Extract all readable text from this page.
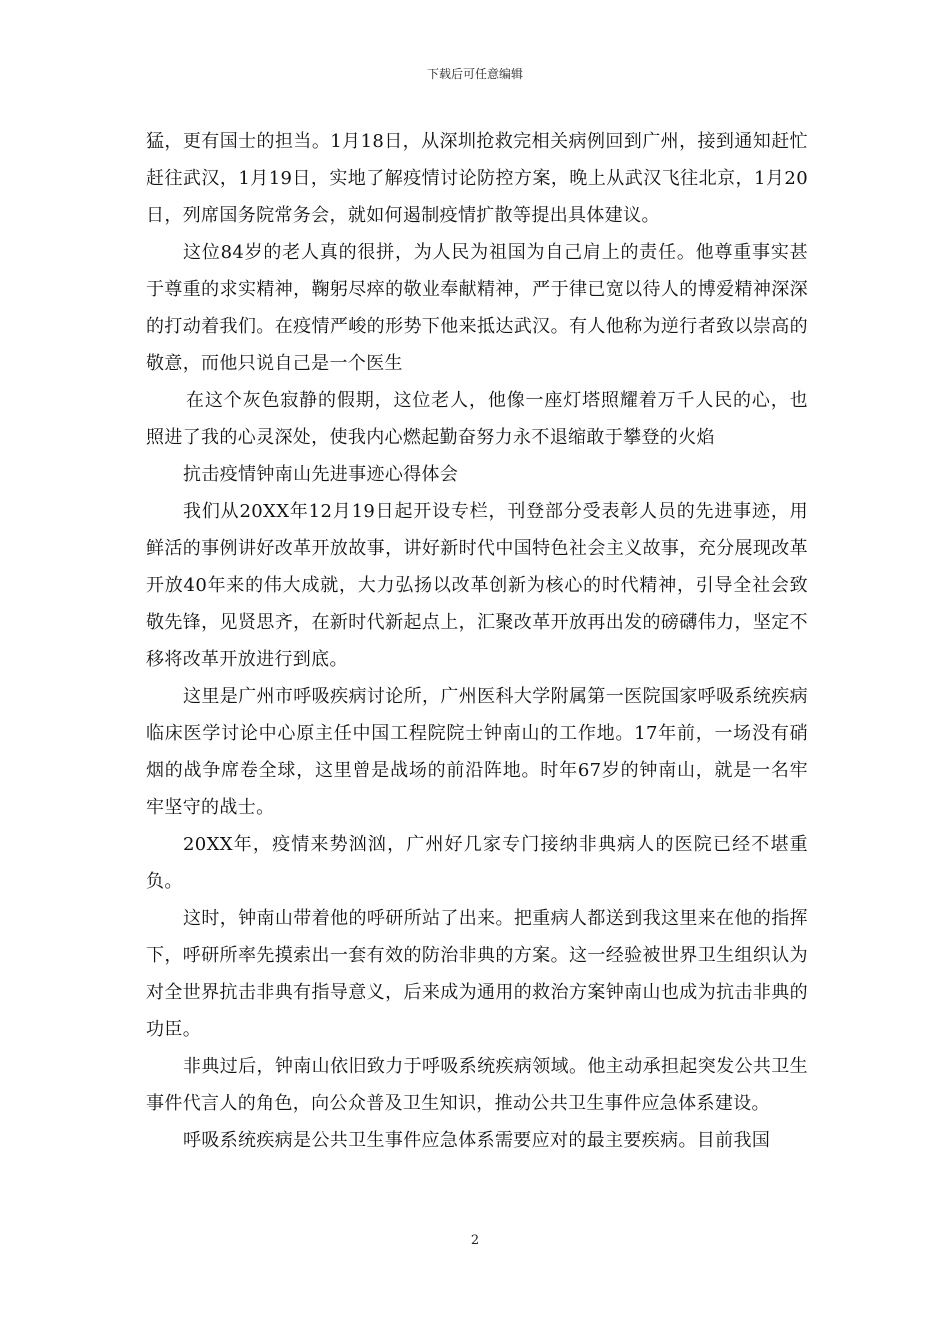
下载后可任意编辑

猛，更有国士的担当。1月18日，从深圳抢救完相关病例回到广州，接到通知赶忙赶往武汉，1月19日，实地了解疫情讨论防控方案，晚上从武汉飞往北京，1月20日，列席国务院常务会，就如何遏制疫情扩散等提出具体建议。

这位84岁的老人真的很拼，为人民为祖国为自己肩上的责任。他尊重事实甚于尊重的求实精神，鞠躬尽瘁的敬业奉献精神，严于律已宽以待人的博爱精神深深的打动着我们。在疫情严峻的形势下他来抵达武汉。有人他称为逆行者致以崇高的敬意，而他只说自己是一个医生

在这个灰色寂静的假期，这位老人，他像一座灯塔照耀着万千人民的心，也照进了我的心灵深处，使我内心燃起勤奋努力永不退缩敢于攀登的火焰

抗击疫情钟南山先进事迹心得体会

我们从20XX年12月19日起开设专栏，刊登部分受表彰人员的先进事迹，用鲜活的事例讲好改革开放故事，讲好新时代中国特色社会主义故事，充分展现改革开放40年来的伟大成就，大力弘扬以改革创新为核心的时代精神，引导全社会致敬先锋，见贤思齐，在新时代新起点上，汇聚改革开放再出发的磅礴伟力，坚定不移将改革开放进行到底。

这里是广州市呼吸疾病讨论所，广州医科大学附属第一医院国家呼吸系统疾病临床医学讨论中心原主任中国工程院院士钟南山的工作地。17年前，一场没有硝烟的战争席卷全球，这里曾是战场的前沿阵地。时年67岁的钟南山，就是一名牢牢坚守的战士。

20XX年，疫情来势汹汹，广州好几家专门接纳非典病人的医院已经不堪重负。

这时，钟南山带着他的呼研所站了出来。把重病人都送到我这里来在他的指挥下，呼研所率先摸索出一套有效的防治非典的方案。这一经验被世界卫生组织认为对全世界抗击非典有指导意义，后来成为通用的救治方案钟南山也成为抗击非典的功臣。

非典过后，钟南山依旧致力于呼吸系统疾病领域。他主动承担起突发公共卫生事件代言人的角色，向公众普及卫生知识，推动公共卫生事件应急体系建设。

呼吸系统疾病是公共卫生事件应急体系需要应对的最主要疾病。目前我国

2
